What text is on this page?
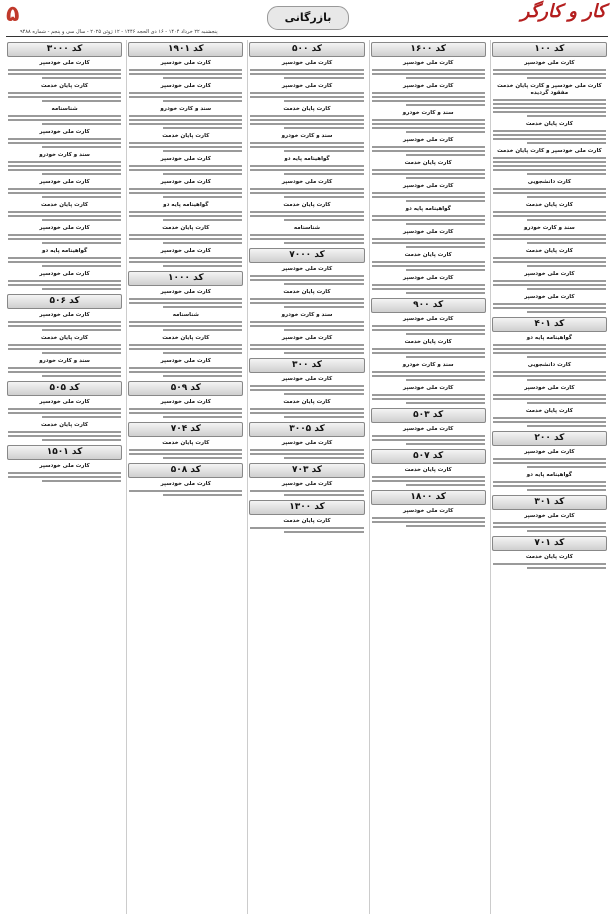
۵	بازرگانی	کار و کارگر
پنجشنبه ۲۲ خرداد ۱۴۰۴ - ۱۶ ذی الحجه ۱۴۴۶ - ۱۲ ژوئن ۲۰۲۵ - سال سی و پنجم - شماره ۹۴۸۸
کد ۱۰۰
کارت ملی خودسپر
کارت ملی خودسپر و کارت پایان خدمت مفقود گردیده
کارت پایان خدمت
کارت ملی خودسپر و کارت پایان خدمت
کارت دانشجویی
کارت پایان خدمت
سند و کارت خودرو
کارت پایان خدمت
کارت ملی خودسپر
کارت ملی خودسپر
کد ۴۰۱
گواهینامه پایه دو
کارت دانشجویی
کارت ملی خودسپر
کارت پایان خدمت
کد ۲۰۰
کارت ملی خودسپر
گواهینامه پایه دو
کد ۳۰۱
کارت ملی خودسپر
کد ۷۰۱
کارت پایان خدمت
کد ۱۶۰۰
کارت ملی خودسپر
کارت ملی خودسپر
سند و کارت خودرو
کارت ملی خودسپر
کارت پایان خدمت
کارت ملی خودسپر
گواهینامه پایه دو
کارت ملی خودسپر
کارت پایان خدمت
کارت ملی خودسپر
کد ۹۰۰
کارت ملی خودسپر
کارت پایان خدمت
سند و کارت خودرو
کارت ملی خودسپر
کد ۵۰۳
کارت ملی خودسپر
کد ۵۰۷
کارت پایان خدمت
کد ۱۸۰۰
کارت ملی خودسپر
کد ۵۰۰
کارت ملی خودسپر
کارت ملی خودسپر
کارت پایان خدمت
سند و کارت خودرو
گواهینامه پایه دو
کارت ملی خودسپر
کارت پایان خدمت
شناسنامه
کد ۷۰۰۰
کارت ملی خودسپر
کارت پایان خدمت
سند و کارت خودرو
کارت ملی خودسپر
کد ۳۰۰
کارت ملی خودسپر
کارت پایان خدمت
کد ۳۰۰۵
کارت ملی خودسپر
کد ۷۰۳
کارت ملی خودسپر
کد ۱۳۰۰
کارت پایان خدمت
کد ۱۹۰۱
کارت ملی خودسپر
کارت ملی خودسپر
سند و کارت خودرو
کارت پایان خدمت
کارت ملی خودسپر
کارت ملی خودسپر
گواهینامه پایه دو
کارت پایان خدمت
کارت ملی خودسپر
کد ۱۰۰۰
کارت ملی خودسپر
شناسنامه
کارت پایان خدمت
کارت ملی خودسپر
کد ۵۰۹
کارت ملی خودسپر
کد ۷۰۴
کارت پایان خدمت
کد ۵۰۸
کارت ملی خودسپر
کد ۳۰۰۰
کارت ملی خودسپر
کارت پایان خدمت
شناسنامه
کارت ملی خودسپر
سند و کارت خودرو
کارت ملی خودسپر
کارت پایان خدمت
کارت ملی خودسپر
گواهینامه پایه دو
کارت ملی خودسپر
کد ۵۰۶
کارت ملی خودسپر
کارت پایان خدمت
سند و کارت خودرو
کد ۵۰۵
کارت ملی خودسپر
کارت پایان خدمت
کد ۱۵۰۱
کارت ملی خودسپر
